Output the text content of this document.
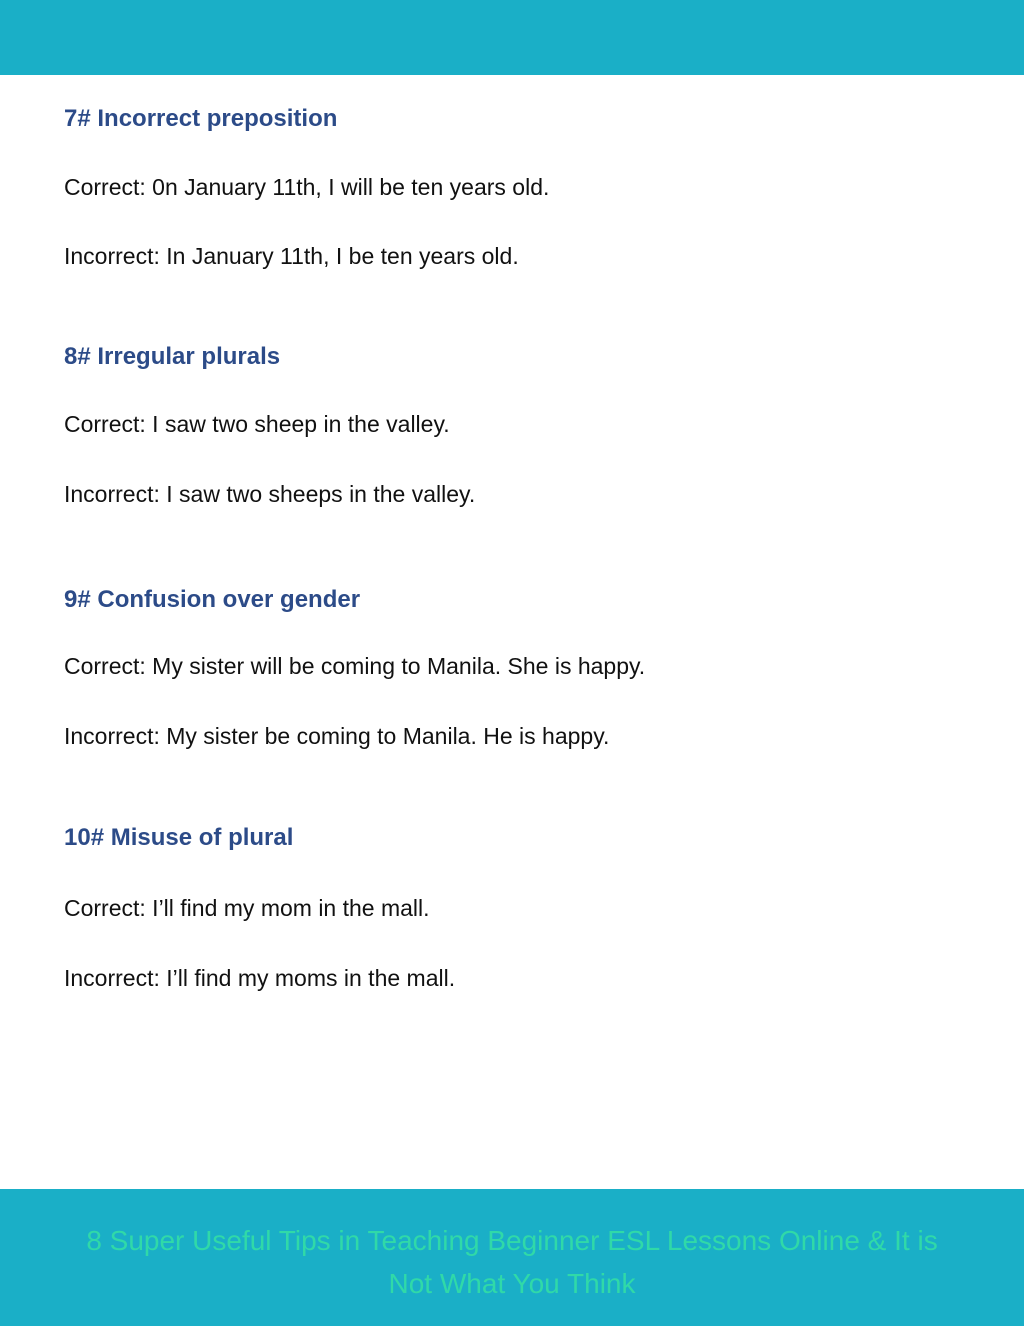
7# Incorrect preposition

Correct: 0n January 11th, I will be ten years old.

Incorrect: In January 11th, I be ten years old.

8# Irregular plurals

Correct: I saw two sheep in the valley.

Incorrect: I saw two sheeps in the valley.

9# Confusion over gender

Correct: My sister will be coming to Manila. She is happy.

Incorrect: My sister be coming to Manila. He is happy.

10# Misuse of plural

Correct: I’ll find my mom in the mall.

Incorrect: I’ll find my moms in the mall.

8 Super Useful Tips in Teaching Beginner ESL Lessons Online & It is Not What You Think
